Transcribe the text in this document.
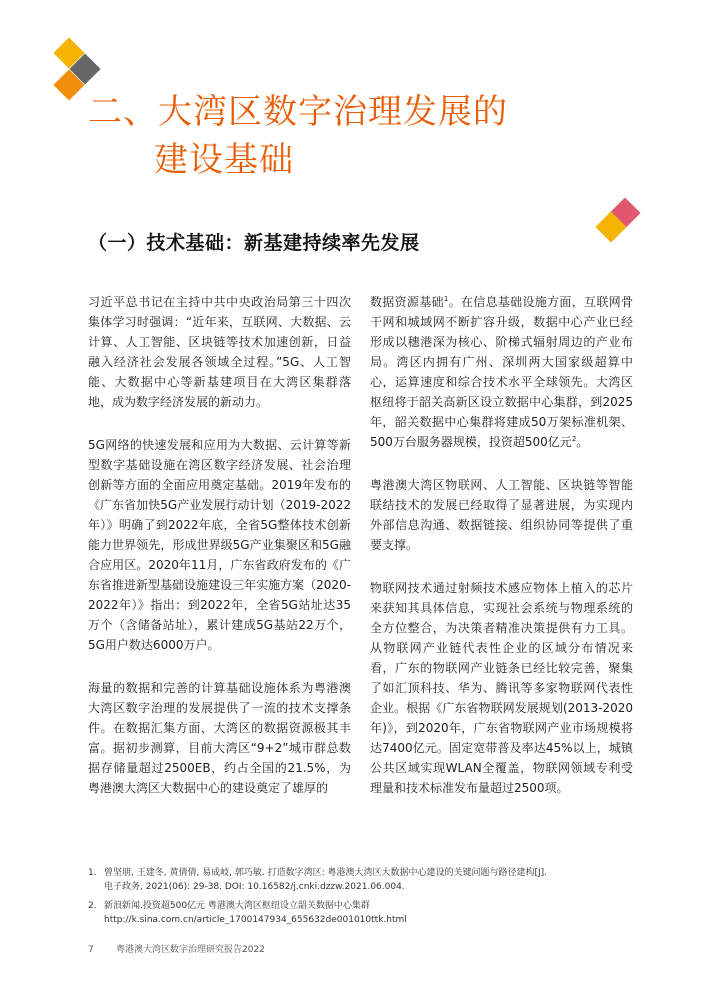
二、大湾区数字治理发展的
建设基础
（一）技术基础：新基建持续率先发展

习近平总书记在主持中共中央政治局第三十四次集体学习时强调：“近年来，互联网、大数据、云计算、人工智能、区块链等技术加速创新，日益融入经济社会发展各领域全过程。”5G、人工智能、大数据中心等新基建项目在大湾区集群落地，成为数字经济发展的新动力。

5G网络的快速发展和应用为大数据、云计算等新型数字基础设施在湾区数字经济发展、社会治理创新等方面的全面应用奠定基础。2019年发布的《广东省加快5G产业发展行动计划（2019-2022年）》明确了到2022年底，全省5G整体技术创新能力世界领先，形成世界级5G产业集聚区和5G融合应用区。2020年11月，广东省政府发布的《广东省推进新型基础设施建设三年实施方案（2020-2022年）》指出：到2022年，全省5G站址达35万个（含储备站址），累计建成5G基站22万个，5G用户数达6000万户。

海量的数据和完善的计算基础设施体系为粤港澳大湾区数字治理的发展提供了一流的技术支撑条件。在数据汇集方面，大湾区的数据资源极其丰富。据初步测算，目前大湾区“9+2”城市群总数据存储量超过2500EB，约占全国的21.5%，为粤港澳大湾区大数据中心的建设奠定了雄厚的

数据资源基础$^1$。在信息基础设施方面，互联网骨干网和城域网不断扩容升级，数据中心产业已经形成以穗港深为核心、阶梯式辐射周边的产业布局。湾区内拥有广州、深圳两大国家级超算中心，运算速度和综合技术水平全球领先。大湾区枢纽将于韶关高新区设立数据中心集群，到2025年，韶关数据中心集群将建成50万架标准机架、500万台服务器规模，投资超500亿元$^2$。

粤港澳大湾区物联网、人工智能、区块链等智能联结技术的发展已经取得了显著进展，为实现内外部信息沟通、数据链接、组织协同等提供了重要支撑。

物联网技术通过射频技术感应物体上植入的芯片来获知其具体信息，实现社会系统与物理系统的全方位整合，为决策者精准决策提供有力工具。从物联网产业链代表性企业的区域分布情况来看，广东的物联网产业链条已经比较完善，聚集了如汇顶科技、华为、腾讯等多家物联网代表性企业。根据《广东省物联网发展规划(2013-2020年)》，到2020年，广东省物联网产业市场规模将达7400亿元。固定宽带普及率达45%以上，城镇公共区域实现WLAN全覆盖，物联网领域专利受理量和技术标准发布量超过2500项。

1. 曾坚朋, 王建冬, 黄倩倩, 易成岐, 郭巧敏. 打造数字湾区: 粤港澳大湾区大数据中心建设的关键问题与路径建构[J].
电子政务, 2021(06): 29-38. DOI: 10.16582/j.cnki.dzzw.2021.06.004.
2. 新浪新闻.投资超500亿元 粤港澳大湾区枢纽设立韶关数据中心集群
http://k.sina.com.cn/article_1700147934_655632de001010ttk.html
7 粤港澳大湾区数字治理研究报告2022
